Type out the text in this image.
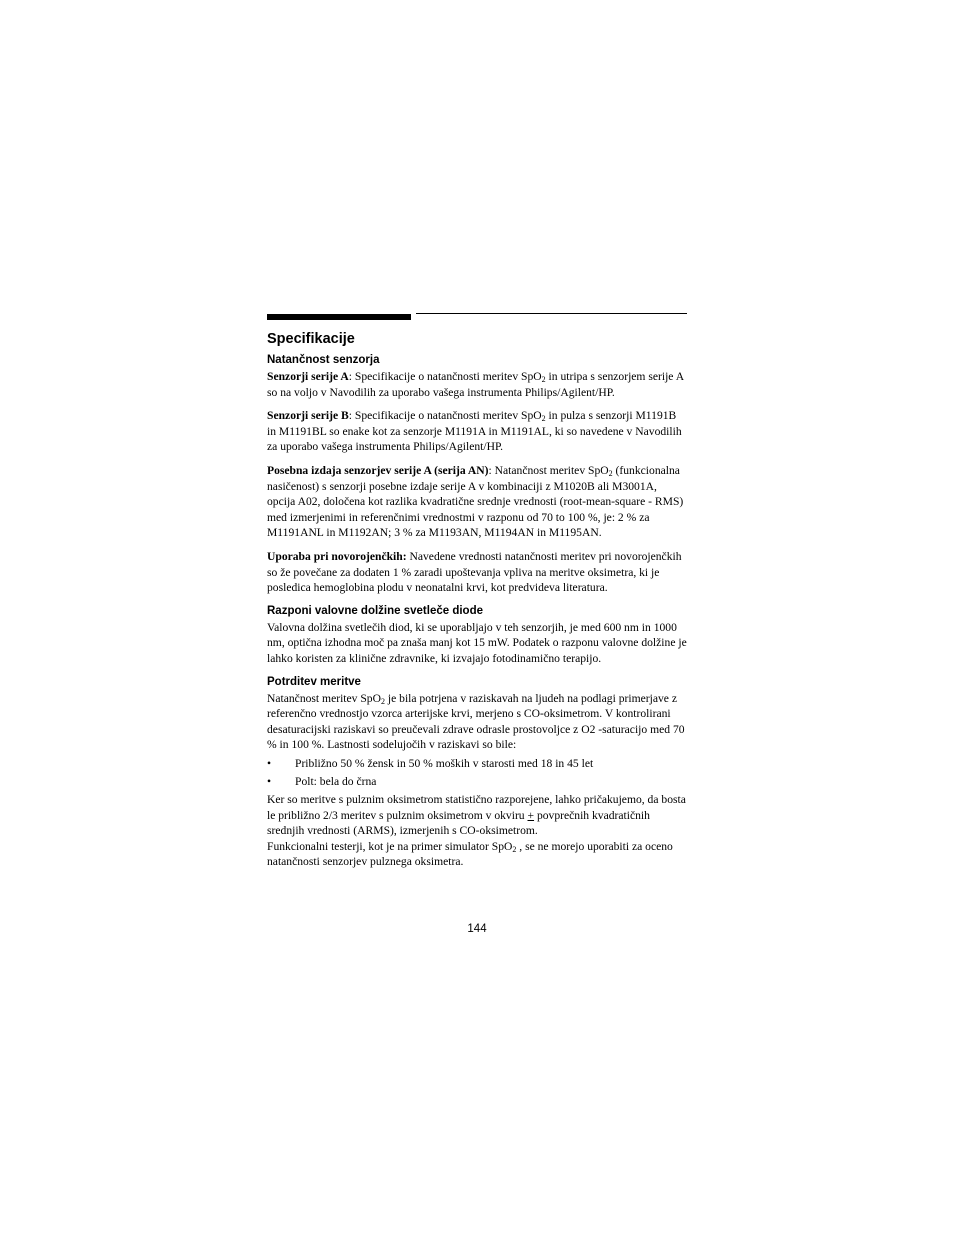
Specifikacije
Natančnost senzorja

Senzorji serije A: Specifikacije o natančnosti meritev SpO$_2$ in utripa s senzorjem serije A so na voljo v Navodilih za uporabo vašega instrumenta Philips/Agilent/HP.

Senzorji serije B: Specifikacije o natančnosti meritev SpO$_2$ in pulza s senzorji M1191B in M1191BL so enake kot za senzorje M1191A in M1191AL, ki so navedene v Navodilih za uporabo vašega instrumenta Philips/Agilent/HP.

Posebna izdaja senzorjev serije A (serija AN): Natančnost meritev SpO$_2$ (funkcionalna nasičenost) s senzorji posebne izdaje serije A v kombinaciji z M1020B ali M3001A, opcija A02, določena kot razlika kvadratične srednje vrednosti (root-mean-square - RMS) med izmerjenimi in referenčnimi vrednostmi v razponu od 70 to 100 %, je: 2 % za M1191ANL in M1192AN; 3 % za M1193AN, M1194AN in M1195AN.

Uporaba pri novorojenčkih: Navedene vrednosti natančnosti meritev pri novorojenčkih so že povečane za dodaten 1 % zaradi upoštevanja vpliva na meritve oksimetra, ki je posledica hemoglobina plodu v neonatalni krvi, kot predvideva literatura.

Razponi valovne dolžine svetleče diode

Valovna dolžina svetlečih diod, ki se uporabljajo v teh senzorjih, je med 600 nm in 1000 nm, optična izhodna moč pa znaša manj kot 15 mW. Podatek o razponu valovne dolžine je lahko koristen za klinične zdravnike, ki izvajajo fotodinamično terapijo.

Potrditev meritve

Natančnost meritev SpO$_2$ je bila potrjena v raziskavah na ljudeh na podlagi primerjave z referenčno vrednostjo vzorca arterijske krvi, merjeno s CO-oksimetrom. V kontrolirani desaturacijski raziskavi so preučevali zdrave odrasle prostovoljce z O2 -saturacijo med 70 % in 100 %. Lastnosti sodelujočih v raziskavi so bile:

• Približno 50 % žensk in 50 % moških v starosti med 18 in 45 let
• Polt: bela do črna

Ker so meritve s pulznim oksimetrom statistično razporejene, lahko pričakujemo, da bosta le približno 2/3 meritev s pulznim oksimetrom v okviru + povprečnih kvadratičnih srednjih vrednosti (ARMS), izmerjenih s CO-oksimetrom.

Funkcionalni testerji, kot je na primer simulator SpO$_2$ , se ne morejo uporabiti za oceno natančnosti senzorjev pulznega oksimetra.

144
